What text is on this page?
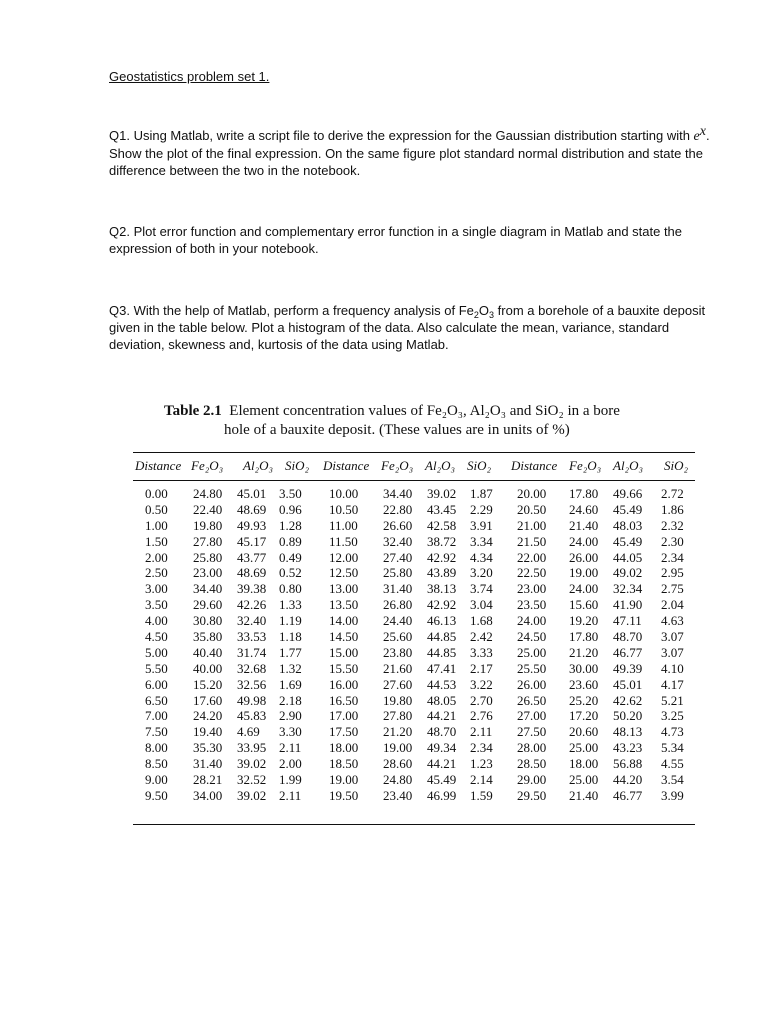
Geostatistics problem set 1.
Q1. Using Matlab, write a script file to derive the expression for the Gaussian distribution starting with $e^x$. Show the plot of the final expression. On the same figure plot standard normal distribution and state the difference between the two in the notebook.
Q2. Plot error function and complementary error function in a single diagram in Matlab and state the expression of both in your notebook.
Q3. With the help of Matlab, perform a frequency analysis of $Fe_2O_3$ from a borehole of a bauxite deposit given in the table below. Plot a histogram of the data. Also calculate the mean, variance, standard deviation, skewness and, kurtosis of the data using Matlab.
Table 2.1 Element concentration values of Fe₂O₃, Al₂O₃ and SiO₂ in a bore
hole of a bauxite deposit. (These values are in units of %)
Distance Fe₂O₃ Al₂O₃ SiO₂ Distance Fe₂O₃ Al₂O₃ SiO₂ Distance Fe₂O₃ Al₂O₃ SiO₂
0.00 24.80 45.01 3.50 10.00 34.40 39.02 1.87 20.00 17.80 49.66 2.72
0.50 22.40 48.69 0.96 10.50 22.80 43.45 2.29 20.50 24.60 45.49 1.86
1.00 19.80 49.93 1.28 11.00 26.60 42.58 3.91 21.00 21.40 48.03 2.32
1.50 27.80 45.17 0.89 11.50 32.40 38.72 3.34 21.50 24.00 45.49 2.30
2.00 25.80 43.77 0.49 12.00 27.40 42.92 4.34 22.00 26.00 44.05 2.34
2.50 23.00 48.69 0.52 12.50 25.80 43.89 3.20 22.50 19.00 49.02 2.95
3.00 34.40 39.38 0.80 13.00 31.40 38.13 3.74 23.00 24.00 32.34 2.75
3.50 29.60 42.26 1.33 13.50 26.80 42.92 3.04 23.50 15.60 41.90 2.04
4.00 30.80 32.40 1.19 14.00 24.40 46.13 1.68 24.00 19.20 47.11 4.63
4.50 35.80 33.53 1.18 14.50 25.60 44.85 2.42 24.50 17.80 48.70 3.07
5.00 40.40 31.74 1.77 15.00 23.80 44.85 3.33 25.00 21.20 46.77 3.07
5.50 40.00 32.68 1.32 15.50 21.60 47.41 2.17 25.50 30.00 49.39 4.10
6.00 15.20 32.56 1.69 16.00 27.60 44.53 3.22 26.00 23.60 45.01 4.17
6.50 17.60 49.98 2.18 16.50 19.80 48.05 2.70 26.50 25.20 42.62 5.21
7.00 24.20 45.83 2.90 17.00 27.80 44.21 2.76 27.00 17.20 50.20 3.25
7.50 19.40 4.69 3.30 17.50 21.20 48.70 2.11 27.50 20.60 48.13 4.73
8.00 35.30 33.95 2.11 18.00 19.00 49.34 2.34 28.00 25.00 43.23 5.34
8.50 31.40 39.02 2.00 18.50 28.60 44.21 1.23 28.50 18.00 56.88 4.55
9.00 28.21 32.52 1.99 19.00 24.80 45.49 2.14 29.00 25.00 44.20 3.54
9.50 34.00 39.02 2.11 19.50 23.40 46.99 1.59 29.50 21.40 46.77 3.99
